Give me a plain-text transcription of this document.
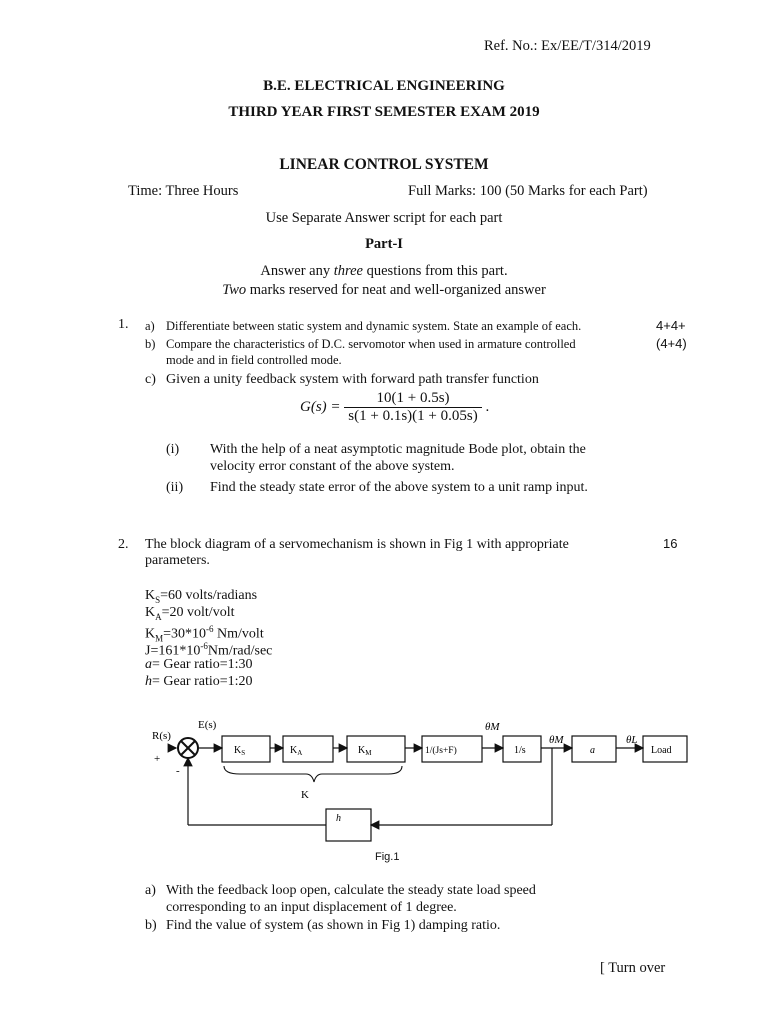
Ref. No.: Ex/EE/T/314/2019
B.E. ELECTRICAL ENGINEERING
THIRD YEAR FIRST SEMESTER EXAM 2019
LINEAR CONTROL SYSTEM
Time: Three Hours	Full Marks: 100 (50 Marks for each Part)
Use Separate Answer script for each part
Part-I
Answer any three questions from this part.
Two marks reserved for neat and well-organized answer
1. a) Differentiate between static system and dynamic system. State an example of each.	4+4+
b) Compare the characteristics of D.C. servomotor when used in armature controlled
mode and in field controlled mode.
(4+4)
c) Given a unity feedback system with forward path transfer function
$G(s) = \frac{10(1 + 0.5s)}{s(1 + 0.1s)(1 + 0.05s)}$ .
(i) With the help of a neat asymptotic magnitude Bode plot, obtain the
velocity error constant of the above system.
(ii) Find the steady state error of the above system to a unit ramp input.
2. The block diagram of a servomechanism is shown in Fig 1 with appropriate
parameters.
16
$K_S=60$ volts/radians
$K_A=20$ volt/volt
$K_M=30*10^{-6}$ Nm/volt
$J=161*10^{-6}Nm/rad/\sec$
a= Gear ratio=1:30
h= Gear ratio=1:20
R(s)
E(s)
+
-
$K_S$	$K_A$	$K_M$	1/(Js+F)
θ̇M
1/s
θM
a
θL
Load
K
h
Fig.1
a) With the feedback loop open, calculate the steady state load speed
corresponding to an input displacement of 1 degree.
b) Find the value of system (as shown in Fig 1) damping ratio.
[ Turn over
